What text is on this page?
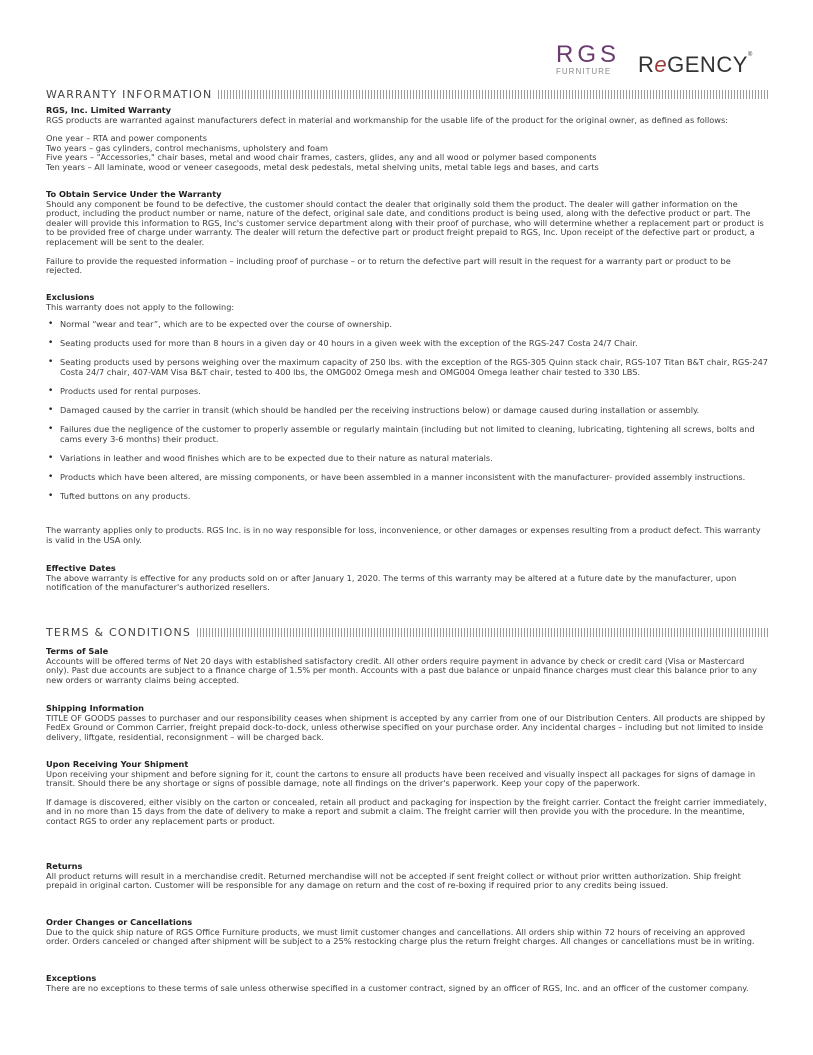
RGS
FURNITURE ReGENCY®
WARRANTY INFORMATION
RGS, Inc. Limited Warranty

RGS products are warranted against manufacturers defect in material and workmanship for the usable life of the product for the original owner, as defined as follows:

One year – RTA and power components

Two years – gas cylinders, control mechanisms, upholstery and foam

Five years – "Accessories," chair bases, metal and wood chair frames, casters, glides, any and all wood or polymer based components

Ten years – All laminate, wood or veneer casegoods, metal desk pedestals, metal shelving units, metal table legs and bases, and carts

To Obtain Service Under the Warranty

Should any component be found to be defective, the customer should contact the dealer that originally sold them the product. The dealer will gather information on the product, including the product number or name, nature of the defect, original sale date, and conditions product is being used, along with the defective product or part. The dealer will provide this information to RGS, Inc's customer service department along with their proof of purchase, who will determine whether a replacement part or product is to be provided free of charge under warranty. The dealer will return the defective part or product freight prepaid to RGS, Inc. Upon receipt of the defective part or product, a replacement will be sent to the dealer.

Failure to provide the requested information – including proof of purchase – or to return the defective part will result in the request for a warranty part or product to be rejected.

Exclusions

This warranty does not apply to the following:

• Normal “wear and tear”, which are to be expected over the course of ownership.
• Seating products used for more than 8 hours in a given day or 40 hours in a given week with the exception of the RGS-247 Costa 24/7 Chair.
• Seating products used by persons weighing over the maximum capacity of 250 lbs. with the exception of the RGS-305 Quinn stack chair, RGS-107 Titan B&T chair, RGS-247 Costa 24/7 chair, 407-VAM Visa B&T chair, tested to 400 lbs, the OMG002 Omega mesh and OMG004 Omega leather chair tested to 330 LBS.
• Products used for rental purposes.
• Damaged caused by the carrier in transit (which should be handled per the receiving instructions below) or damage caused during installation or assembly.
• Failures due the negligence of the customer to properly assemble or regularly maintain (including but not limited to cleaning, lubricating, tightening all screws, bolts and cams every 3-6 months) their product.
• Variations in leather and wood finishes which are to be expected due to their nature as natural materials.
• Products which have been altered, are missing components, or have been assembled in a manner inconsistent with the manufacturer- provided assembly instructions.
• Tufted buttons on any products.

The warranty applies only to products. RGS Inc. is in no way responsible for loss, inconvenience, or other damages or expenses resulting from a product defect. This warranty is valid in the USA only.

Effective Dates

The above warranty is effective for any products sold on or after January 1, 2020. The terms of this warranty may be altered at a future date by the manufacturer, upon notification of the manufacturer's authorized resellers.

TERMS & CONDITIONS
Terms of Sale

Accounts will be offered terms of Net 20 days with established satisfactory credit. All other orders require payment in advance by check or credit card (Visa or Mastercard only). Past due accounts are subject to a finance charge of 1.5% per month. Accounts with a past due balance or unpaid finance charges must clear this balance prior to any new orders or warranty claims being accepted.

Shipping Information

TITLE OF GOODS passes to purchaser and our responsibility ceases when shipment is accepted by any carrier from one of our Distribution Centers. All products are shipped by FedEx Ground or Common Carrier, freight prepaid dock-to-dock, unless otherwise specified on your purchase order. Any incidental charges – including but not limited to inside delivery, liftgate, residential, reconsignment – will be charged back.

Upon Receiving Your Shipment

Upon receiving your shipment and before signing for it, count the cartons to ensure all products have been received and visually inspect all packages for signs of damage in transit. Should there be any shortage or signs of possible damage, note all findings on the driver's paperwork. Keep your copy of the paperwork.

If damage is discovered, either visibly on the carton or concealed, retain all product and packaging for inspection by the freight carrier. Contact the freight carrier immediately, and in no more than 15 days from the date of delivery to make a report and submit a claim. The freight carrier will then provide you with the procedure. In the meantime, contact RGS to order any replacement parts or product.

Returns

All product returns will result in a merchandise credit. Returned merchandise will not be accepted if sent freight collect or without prior written authorization. Ship freight prepaid in original carton. Customer will be responsible for any damage on return and the cost of re-boxing if required prior to any credits being issued.

Order Changes or Cancellations

Due to the quick ship nature of RGS Office Furniture products, we must limit customer changes and cancellations. All orders ship within 72 hours of receiving an approved order. Orders canceled or changed after shipment will be subject to a 25% restocking charge plus the return freight charges. All changes or cancellations must be in writing.

Exceptions

There are no exceptions to these terms of sale unless otherwise specified in a customer contract, signed by an officer of RGS, Inc. and an officer of the customer company.
